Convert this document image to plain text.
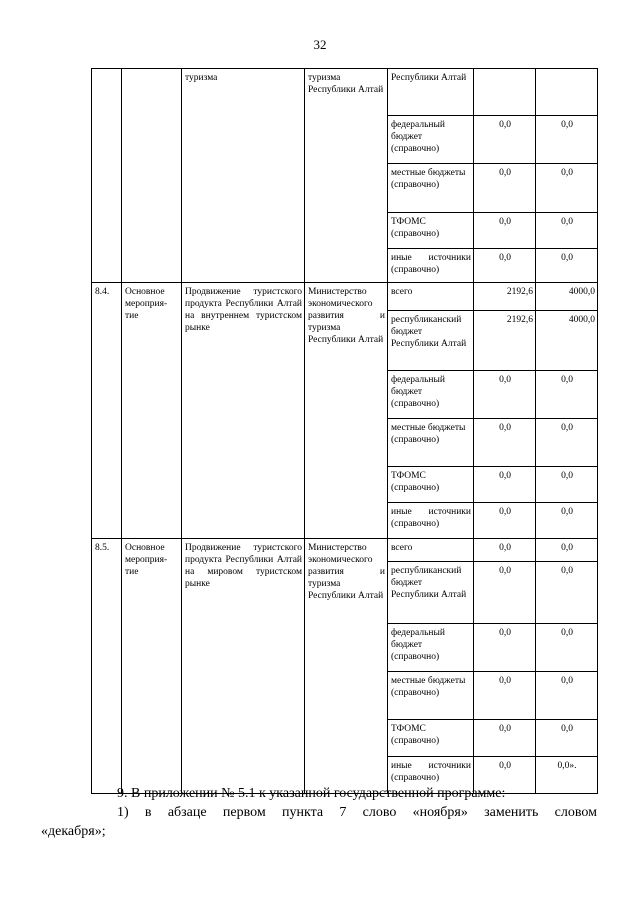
32
		туризма	туризма Республики Алтай	Республики Алтай		
				федеральный бюджет (справочно)	0,0	0,0
				местные бюджеты (справочно)	0,0	0,0
				ТФОМС (справочно)	0,0	0,0
				иные источники (справочно)	0,0	0,0
8.4.	Основное мероприя-тие	Продвижение туристского продукта Республики Алтай на внутреннем туристском рынке	Министерство экономического развития и туризма Республики Алтай	всего	2192,6	4000,0
				республиканский бюджет Республики Алтай	2192,6	4000,0
				федеральный бюджет (справочно)	0,0	0,0
				местные бюджеты (справочно)	0,0	0,0
				ТФОМС (справочно)	0,0	0,0
				иные источники (справочно)	0,0	0,0
8.5.	Основное мероприя-тие	Продвижение туристского продукта Республики Алтай на мировом туристском рынке	Министерство экономического развития и туризма Республики Алтай	всего	0,0	0,0
				республиканский бюджет Республики Алтай	0,0	0,0
				федеральный бюджет (справочно)	0,0	0,0
				местные бюджеты (справочно)	0,0	0,0
				ТФОМС (справочно)	0,0	0,0
				иные источники (справочно)	0,0	0,0».
9. В приложении № 5.1 к указанной государственной программе:
1) в абзаце первом пункта 7 слово «ноября» заменить словом
«декабря»;
